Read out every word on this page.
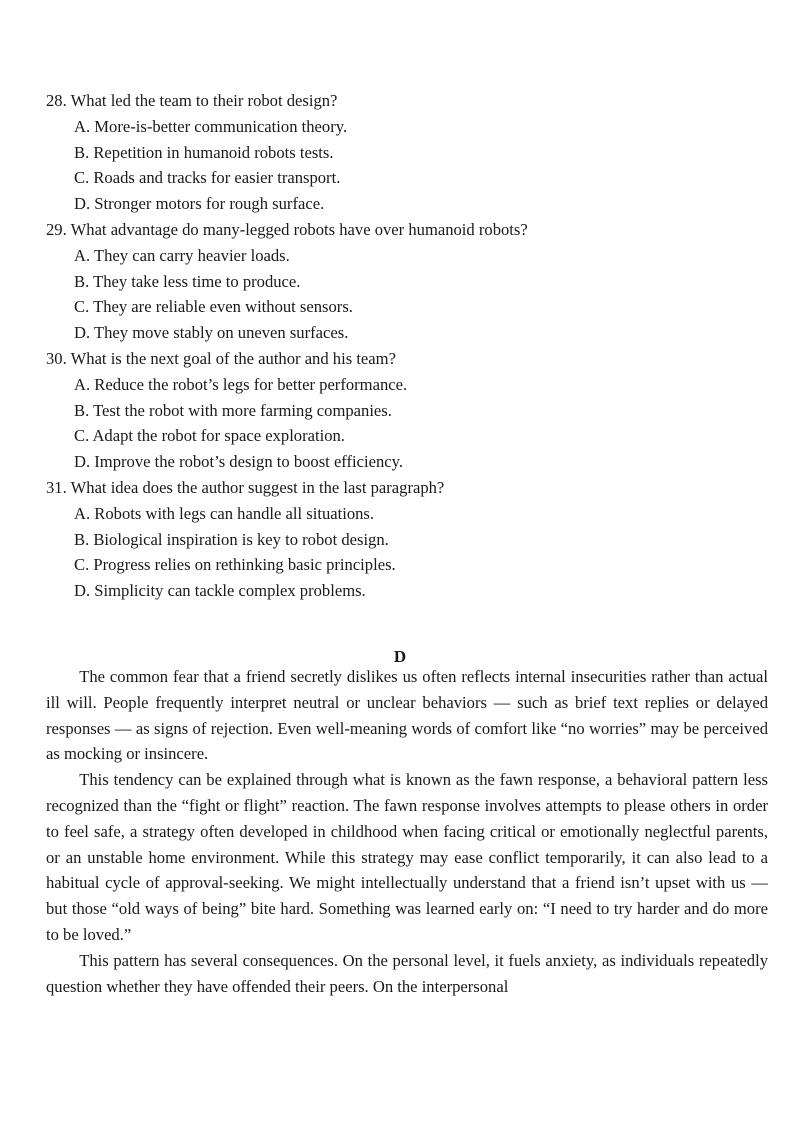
28. What led the team to their robot design?
A. More-is-better communication theory.
B. Repetition in humanoid robots tests.
C. Roads and tracks for easier transport.
D. Stronger motors for rough surface.
29. What advantage do many-legged robots have over humanoid robots?
A. They can carry heavier loads.
B. They take less time to produce.
C. They are reliable even without sensors.
D. They move stably on uneven surfaces.
30. What is the next goal of the author and his team?
A. Reduce the robot’s legs for better performance.
B. Test the robot with more farming companies.
C. Adapt the robot for space exploration.
D. Improve the robot’s design to boost efficiency.
31. What idea does the author suggest in the last paragraph?
A. Robots with legs can handle all situations.
B. Biological inspiration is key to robot design.
C. Progress relies on rethinking basic principles.
D. Simplicity can tackle complex problems.
D

The common fear that a friend secretly dislikes us often reflects internal insecurities rather than actual ill will. People frequently interpret neutral or unclear behaviors — such as brief text replies or delayed responses — as signs of rejection. Even well-meaning words of comfort like “no worries” may be perceived as mocking or insincere.

This tendency can be explained through what is known as the fawn response, a behavioral pattern less recognized than the “fight or flight” reaction. The fawn response involves attempts to please others in order to feel safe, a strategy often developed in childhood when facing critical or emotionally neglectful parents, or an unstable home environment. While this strategy may ease conflict temporarily, it can also lead to a habitual cycle of approval-seeking. We might intellectually understand that a friend isn’t upset with us — but those “old ways of being” bite hard. Something was learned early on: “I need to try harder and do more to be loved.”

This pattern has several consequences. On the personal level, it fuels anxiety, as individuals repeatedly question whether they have offended their peers. On the interpersonal
